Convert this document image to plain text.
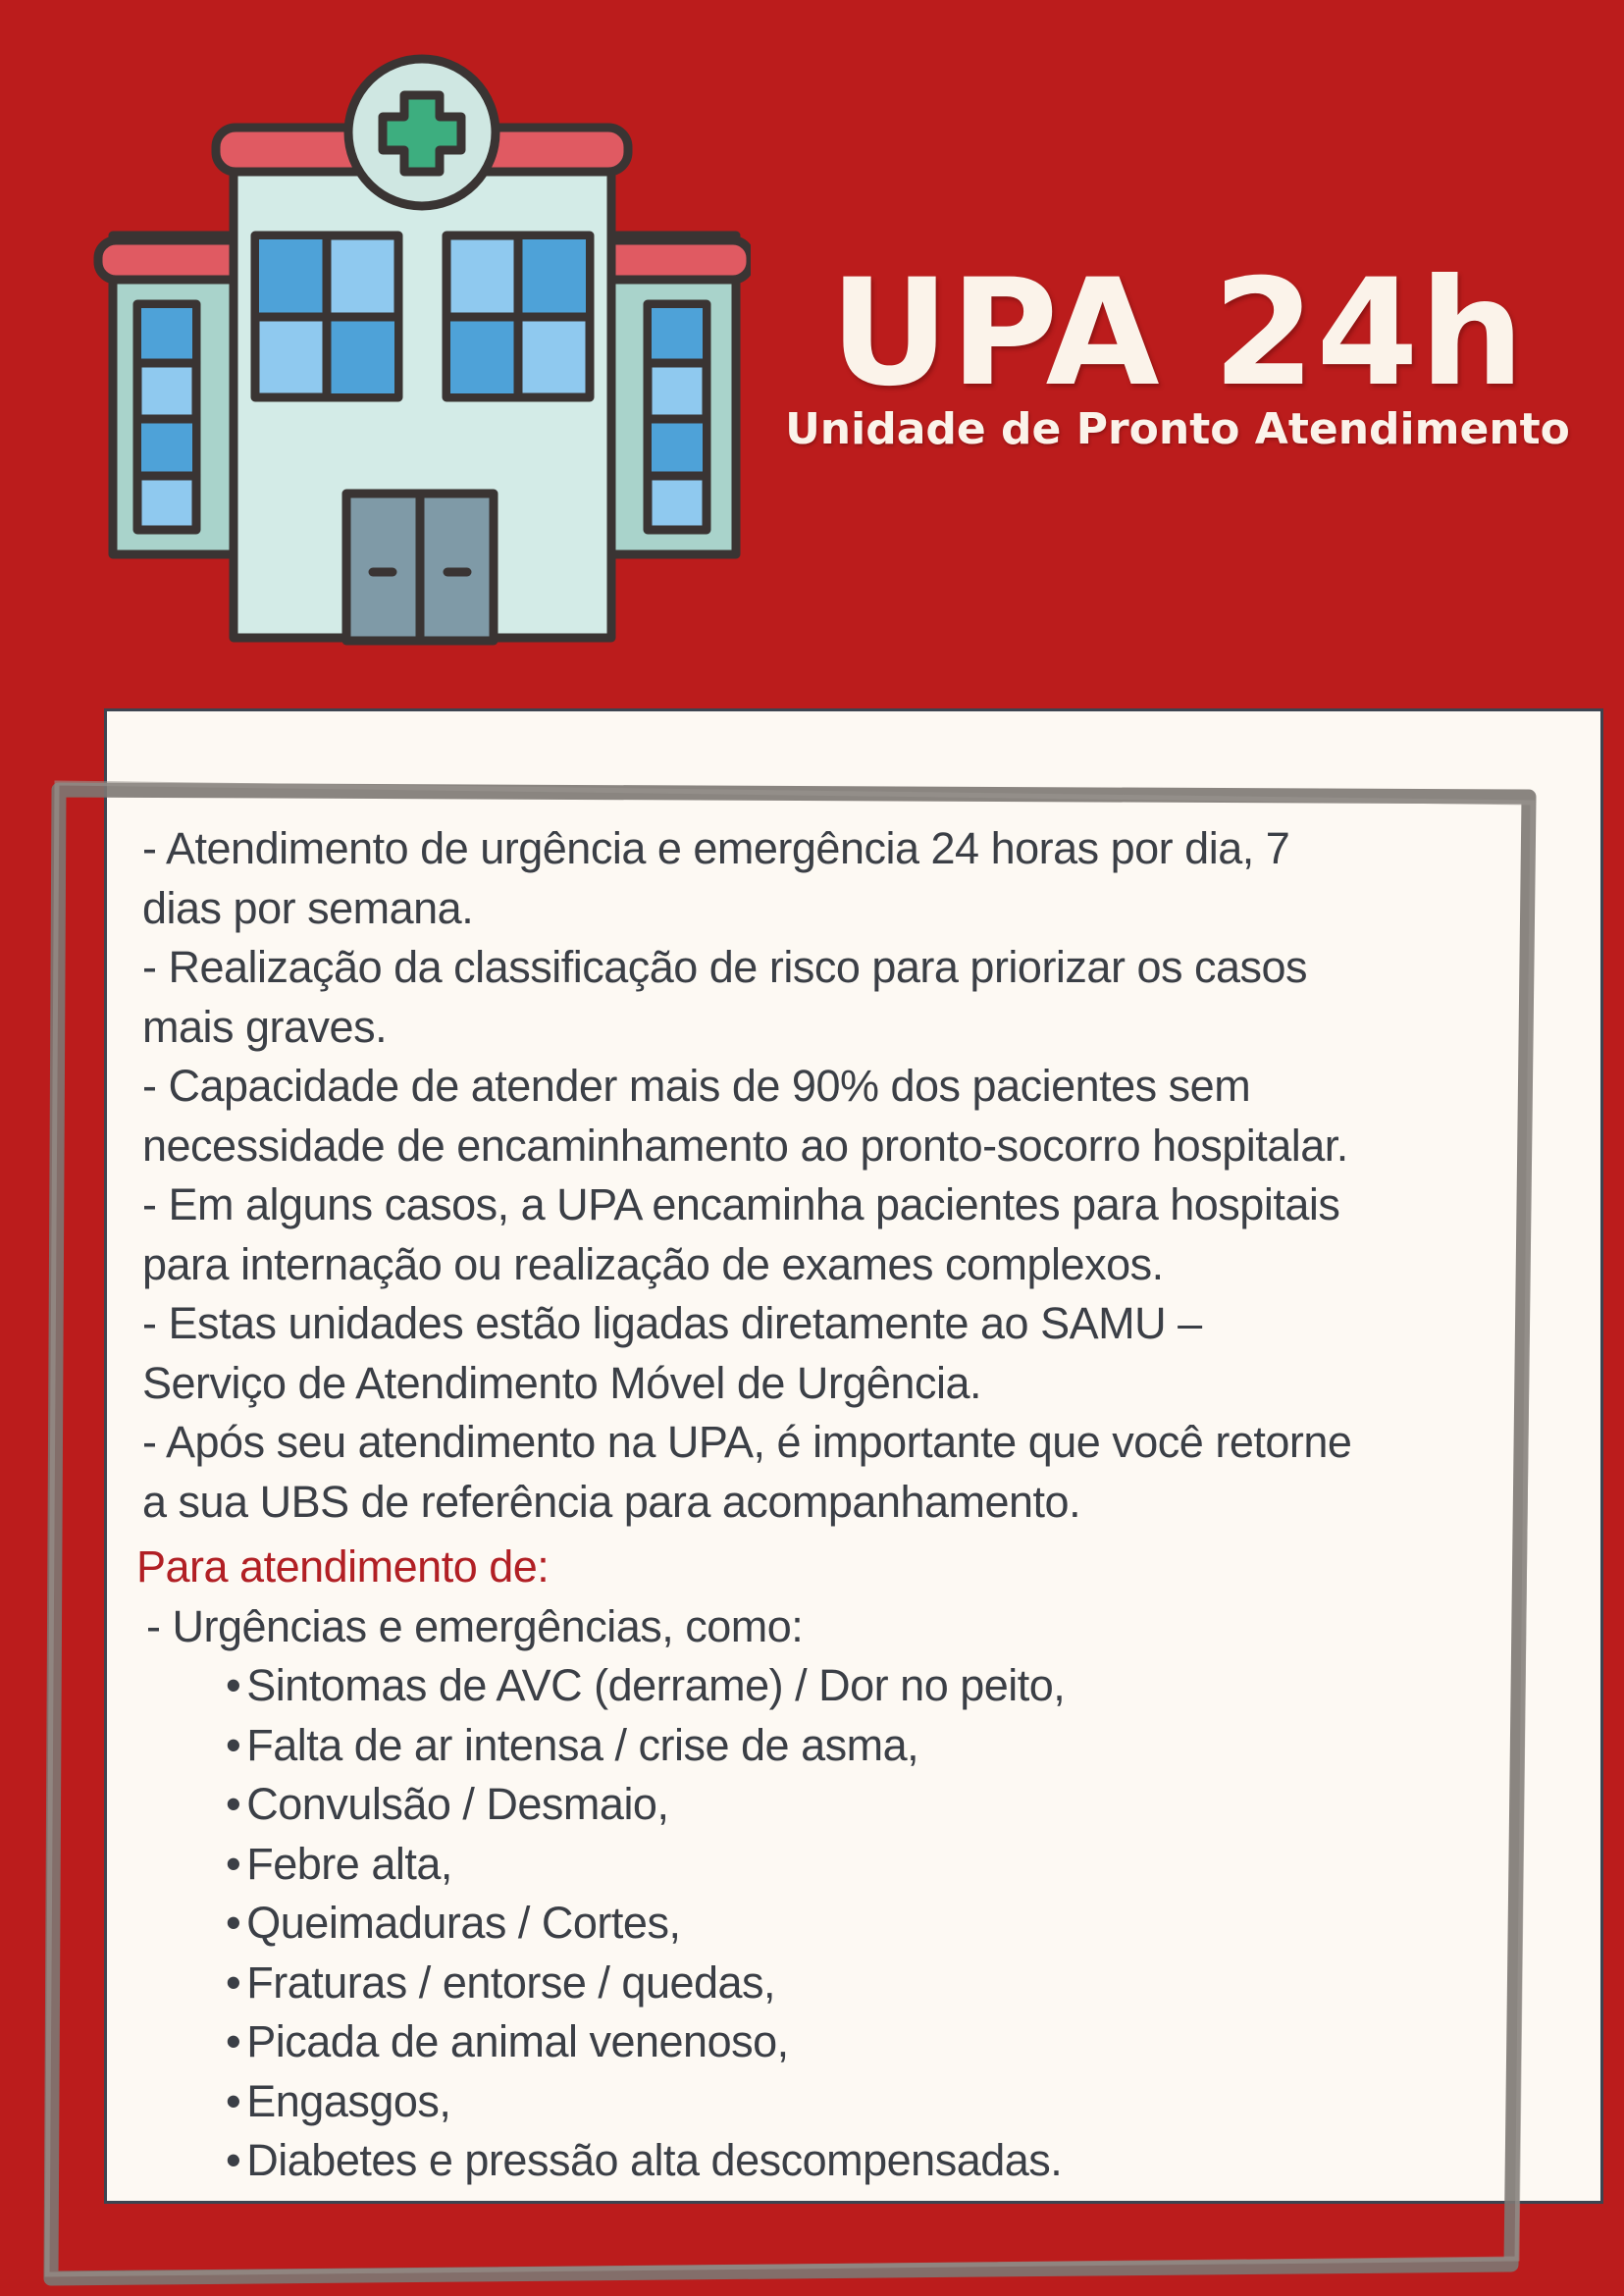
UPA 24h
Unidade de Pronto Atendimento

- Atendimento de urgência e emergência 24 horas por dia, 7

dias por semana.

- Realização da classificação de risco para priorizar os casos

mais graves.

- Capacidade de atender mais de 90% dos pacientes sem

necessidade de encaminhamento ao pronto-socorro hospitalar.

- Em alguns casos, a UPA encaminha pacientes para hospitais

para internação ou realização de exames complexos.

- Estas unidades estão ligadas diretamente ao SAMU –

Serviço de Atendimento Móvel de Urgência.

- Após seu atendimento na UPA, é importante que você retorne

a sua UBS de referência para acompanhamento.

Para atendimento de:

- Urgências e emergências, como:

• Sintomas de AVC (derrame) / Dor no peito,
• Falta de ar intensa / crise de asma,
• Convulsão / Desmaio,
• Febre alta,
• Queimaduras / Cortes,
• Fraturas / entorse / quedas,
• Picada de animal venenoso,
• Engasgos,
• Diabetes e pressão alta descompensadas.
